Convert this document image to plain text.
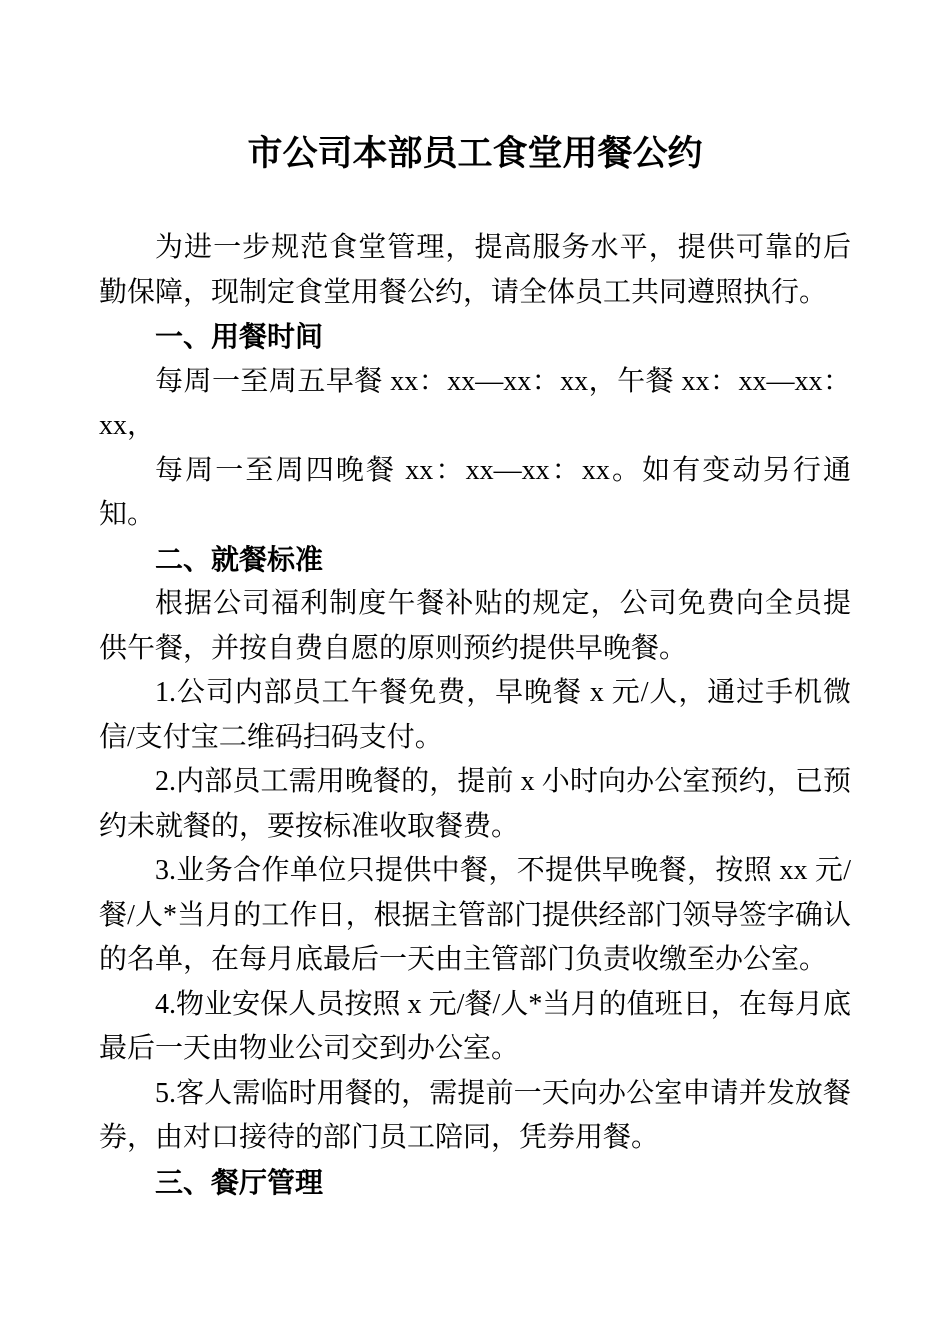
市公司本部员工食堂用餐公约

为进一步规范食堂管理，提高服务水平，提供可靠的后勤保障，现制定食堂用餐公约，请全体员工共同遵照执行。

一、用餐时间

每周一至周五早餐 xx：xx—xx：xx，午餐 xx：xx—xx：xx，

每周一至周四晚餐 xx：xx—xx：xx。如有变动另行通知。

二、就餐标准

根据公司福利制度午餐补贴的规定，公司免费向全员提供午餐，并按自费自愿的原则预约提供早晚餐。

1.公司内部员工午餐免费，早晚餐 x 元/人，通过手机微信/支付宝二维码扫码支付。

2.内部员工需用晚餐的，提前 x 小时向办公室预约，已预约未就餐的，要按标准收取餐费。

3.业务合作单位只提供中餐，不提供早晚餐，按照 xx 元/餐/人*当月的工作日，根据主管部门提供经部门领导签字确认的名单，在每月底最后一天由主管部门负责收缴至办公室。

4.物业安保人员按照 x 元/餐/人*当月的值班日，在每月底最后一天由物业公司交到办公室。

5.客人需临时用餐的，需提前一天向办公室申请并发放餐券，由对口接待的部门员工陪同，凭券用餐。

三、餐厅管理
